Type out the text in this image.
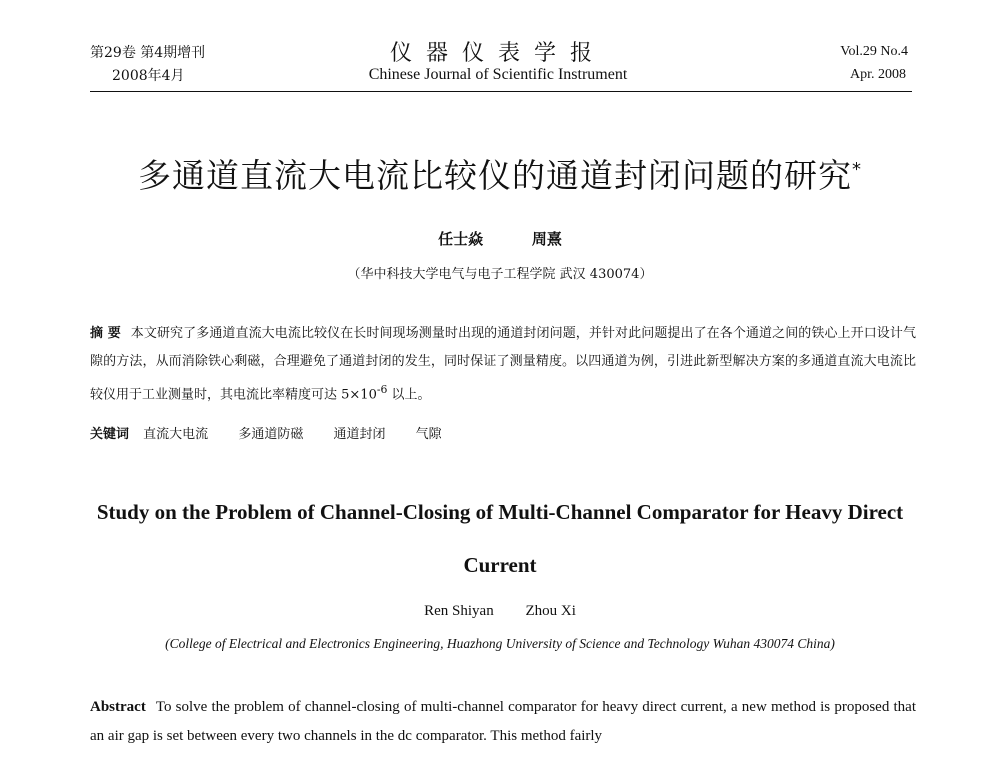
第29卷 第4期增刊
2008年4月
仪器仪表学报
Chinese Journal of Scientific Instrument
Vol.29 No.4
Apr. 2008
多通道直流大电流比较仪的通道封闭问题的研究*
任士焱	周熹
（华中科技大学电气与电子工程学院 武汉 430074）
摘 要 本文研究了多通道直流大电流比较仪在长时间现场测量时出现的通道封闭问题，并针对此问题提出了在各个通道之间的铁心上开口设计气隙的方法，从而消除铁心剩磁，合理避免了通道封闭的发生，同时保证了测量精度。以四通道为例，引进此新型解决方案的多通道直流大电流比较仪用于工业测量时，其电流比率精度可达 $5\times 10^{-6}$ 以上。
关键词 直流大电流 多通道防磁 通道封闭 气隙
Study on the Problem of Channel-Closing of Multi-Channel Comparator for Heavy Direct Current
Ren Shiyan Zhou Xi
(College of Electrical and Electronics Engineering, Huazhong University of Science and Technology Wuhan 430074 China)
Abstract To solve the problem of channel-closing of multi-channel comparator for heavy direct current, a new method is proposed that an air gap is set between every two channels in the dc comparator. This method fairly
